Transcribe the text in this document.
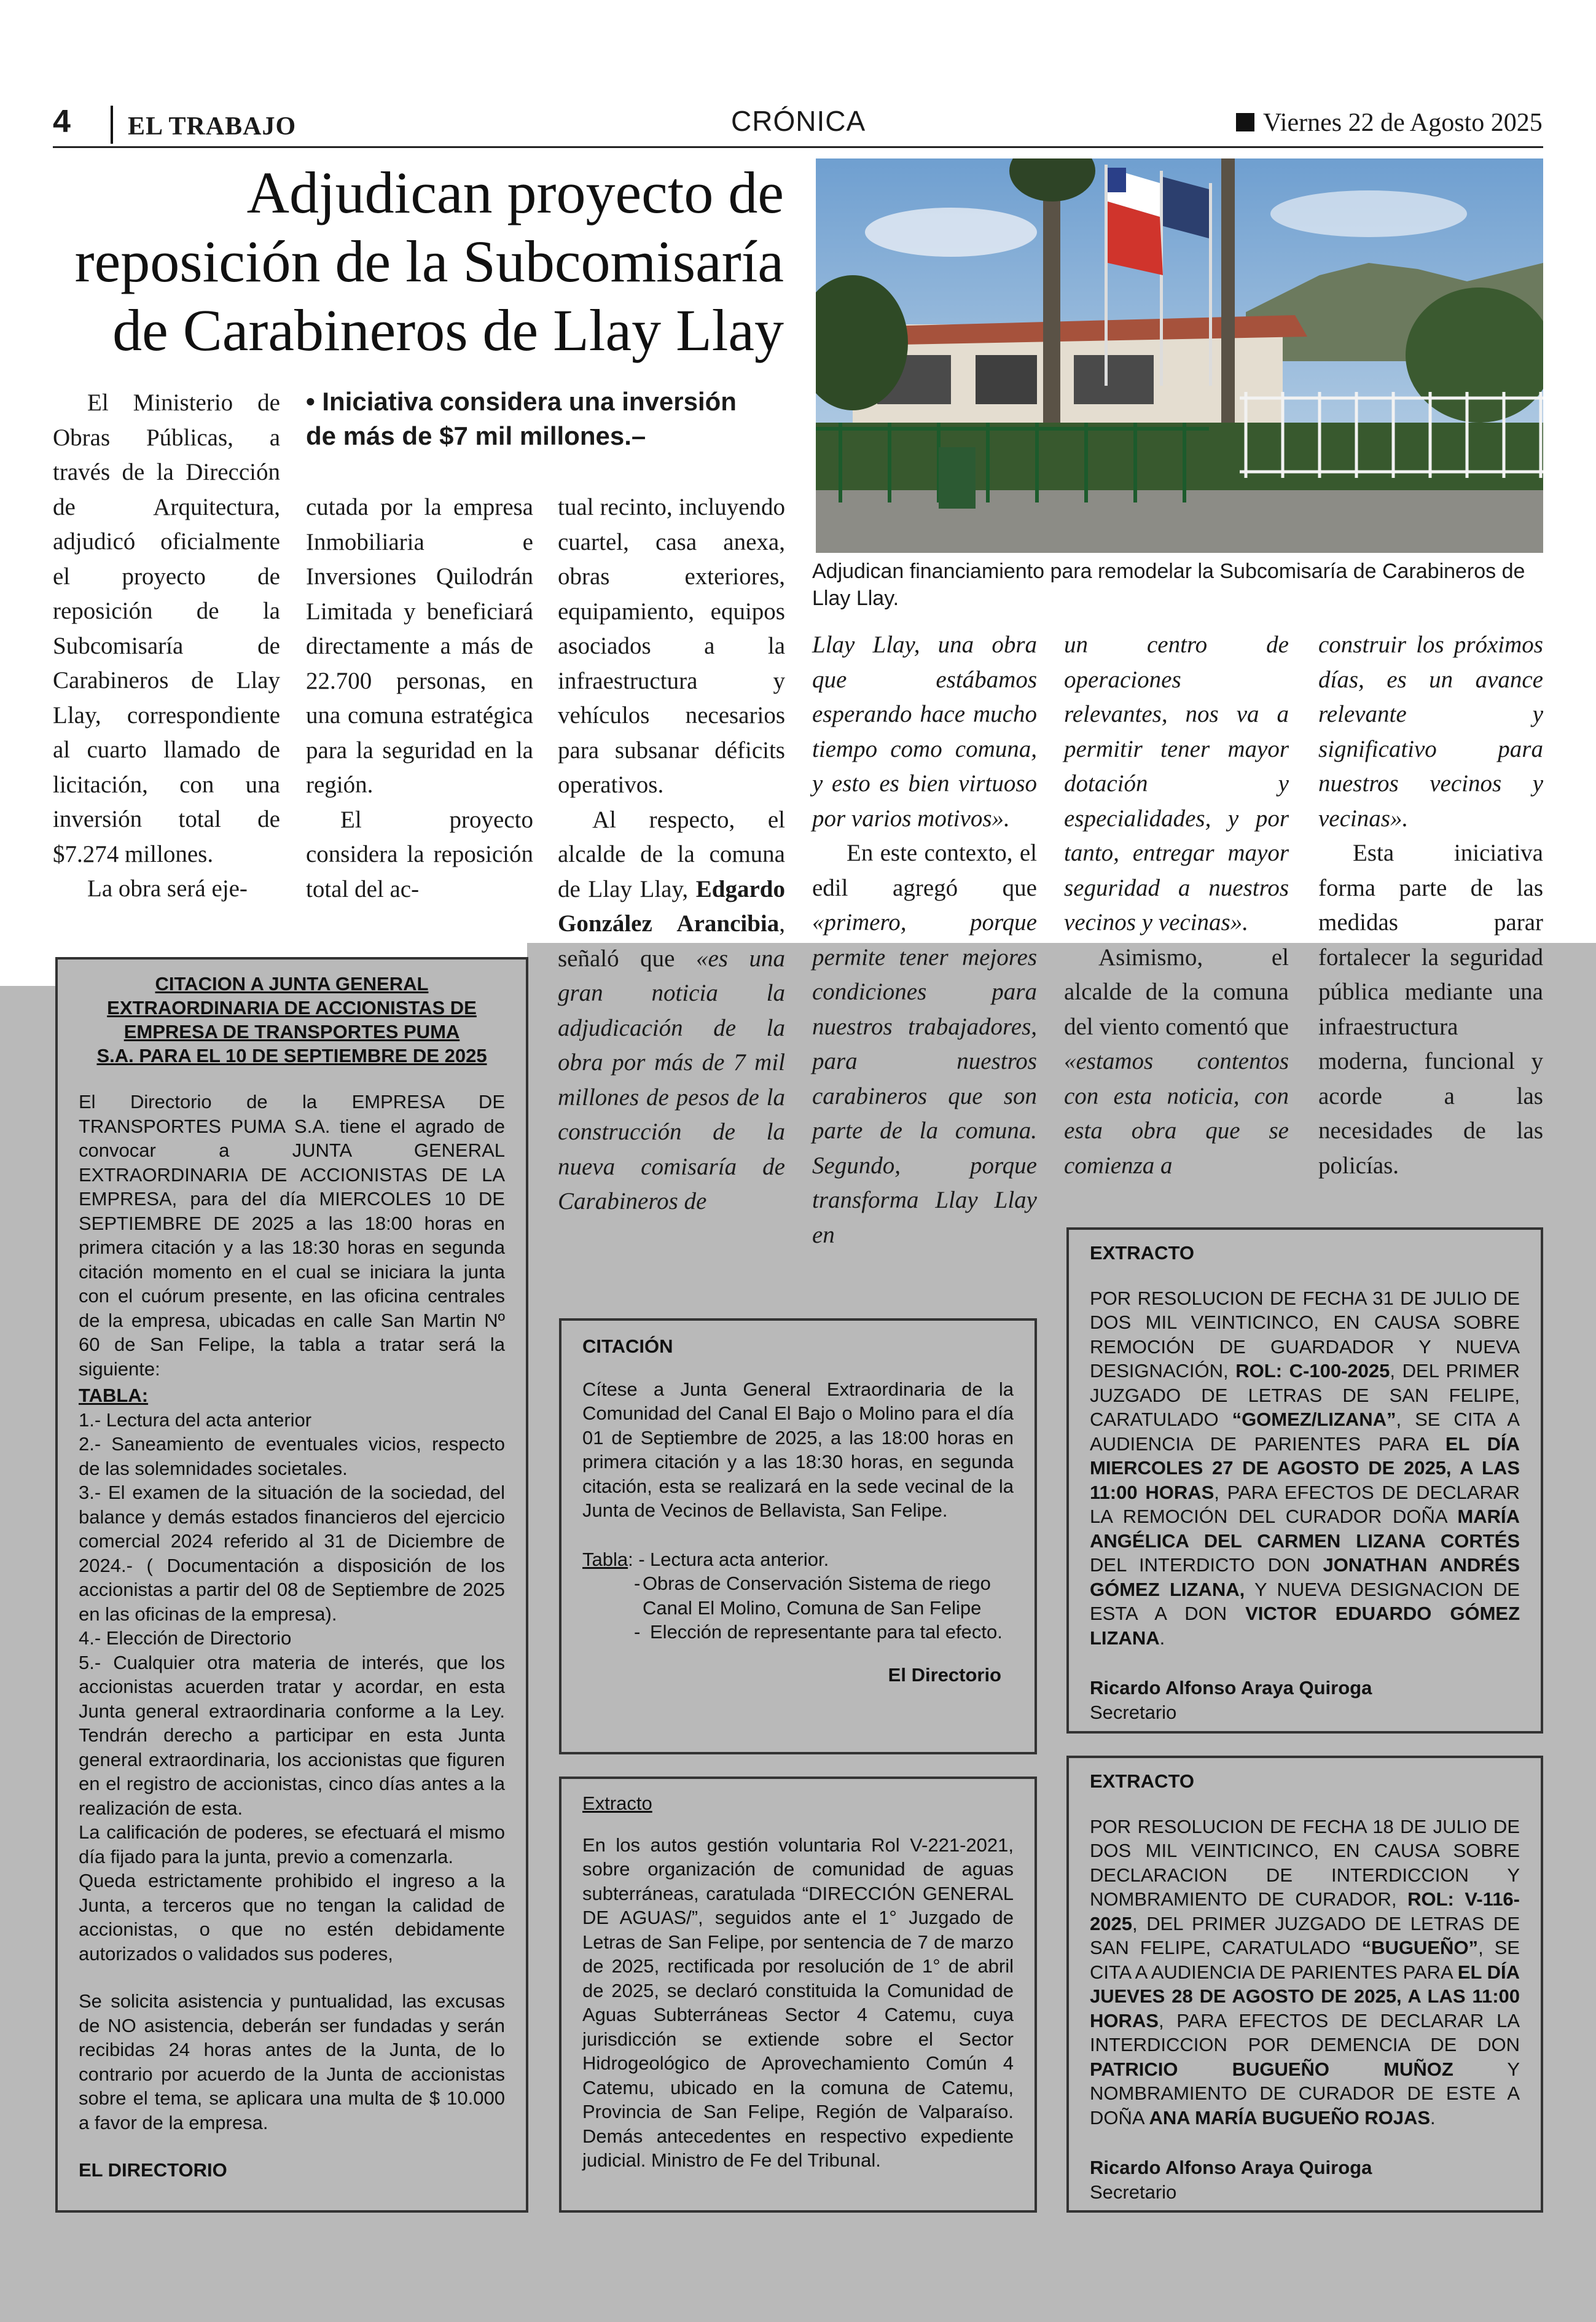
4 EL TRABAJO	CRÓNICA	Viernes 22 de Agosto 2025
Adjudican proyecto de
reposición de la Subcomisaría
de Carabineros de Llay Llay
Adjudican financiamiento para remodelar la Subcomisaría de Carabineros de Llay Llay.
• Iniciativa considera una inversión
de más de $7 mil millones.–

El Ministerio de Obras Públicas, a través de la Dirección de Arquitectura, adjudicó oficialmente el proyecto de reposición de la Subcomisaría de Carabineros de Llay Llay, correspondiente al cuarto llamado de licitación, con una inversión total de $7.274 millones.

La obra será eje-

cutada por la empresa Inmobiliaria e Inversiones Quilodrán Limitada y beneficiará directamente a más de 22.700 personas, en una comuna estratégica para la seguridad en la región.

El proyecto considera la reposición total del ac-

tual recinto, incluyendo cuartel, casa anexa, obras exteriores, equipamiento, equipos asociados a la infraestructura y vehículos necesarios para subsanar déficits operativos.

Al respecto, el alcalde de la comuna de Llay Llay, Edgardo González Arancibia, señaló que «es una gran noticia la adjudicación de la obra por más de 7 mil millones de pesos de la construcción de la nueva comisaría de Carabineros de

Llay Llay, una obra que estábamos esperando hace mucho tiempo como comuna, y esto es bien virtuoso por varios motivos».

En este contexto, el edil agregó que «primero, porque permite tener mejores condiciones para nuestros trabajadores, para nuestros carabineros que son parte de la comuna. Segundo, porque transforma Llay Llay en

un centro de operaciones relevantes, nos va a permitir tener mayor dotación y especialidades, y por tanto, entregar mayor seguridad a nuestros vecinos y vecinas».

Asimismo, el alcalde de la comuna del viento comentó que «estamos contentos con esta noticia, con esta obra que se comienza a

construir los próximos días, es un avance relevante y significativo para nuestros vecinos y vecinas».

Esta iniciativa forma parte de las medidas parar fortalecer la seguridad pública mediante una infraestructura moderna, funcional y acorde a las necesidades de las policías.

CITACION A JUNTA GENERAL
EXTRAORDINARIA DE ACCIONISTAS DE
EMPRESA DE TRANSPORTES PUMA
S.A. PARA EL 10 DE SEPTIEMBRE DE 2025

El Directorio de la EMPRESA DE TRANSPORTES PUMA S.A. tiene el agrado de convocar a JUNTA GENERAL EXTRAORDINARIA DE ACCIONISTAS DE LA EMPRESA, para del día MIERCOLES 10 DE SEPTIEMBRE DE 2025 a las 18:00 horas en primera citación y a las 18:30 horas en segunda citación momento en el cual se iniciara la junta con el cuórum presente, en las oficina centrales de la empresa, ubicadas en calle San Martin Nº 60 de San Felipe, la tabla a tratar será la siguiente:

TABLA:

1.- Lectura del acta anterior

2.- Saneamiento de eventuales vicios, respecto de las solemnidades societales.

3.- El examen de la situación de la sociedad, del balance y demás estados financieros del ejercicio comercial 2024 referido al 31 de Diciembre de 2024.- ( Documentación a disposición de los accionistas a partir del 08 de Septiembre de 2025 en las oficinas de la empresa).

4.- Elección de Directorio

5.- Cualquier otra materia de interés, que los accionistas acuerden tratar y acordar, en esta Junta general extraordinaria conforme a la Ley. Tendrán derecho a participar en esta Junta general extraordinaria, los accionistas que figuren en el registro de accionistas, cinco días antes a la realización de esta.

La calificación de poderes, se efectuará el mismo día fijado para la junta, previo a comenzarla.

Queda estrictamente prohibido el ingreso a la Junta, a terceros que no tengan la calidad de accionistas, o que no estén debidamente autorizados o validados sus poderes,

Se solicita asistencia y puntualidad, las excusas de NO asistencia, deberán ser fundadas y serán recibidas 24 horas antes de la Junta, de lo contrario por acuerdo de la Junta de accionistas sobre el tema, se aplicara una multa de $ 10.000 a favor de la empresa.

EL DIRECTORIO

CITACIÓN

Cítese a Junta General Extraordinaria de la Comunidad del Canal El Bajo o Molino para el día 01 de Septiembre de 2025, a las 18:00 horas en primera citación y a las 18:30 horas, en segunda citación, esta se realizará en la sede vecinal de la Junta de Vecinos de Bellavista, San Felipe.

Tabla: - Lectura acta anterior.
- Obras de Conservación Sistema de riego Canal El Molino, Comuna de San Felipe
- Elección de representante para tal efecto.

El Directorio

Extracto

En los autos gestión voluntaria Rol V-221-2021, sobre organización de comunidad de aguas subterráneas, caratulada “DIRECCIÓN GENERAL DE AGUAS/”, seguidos ante el 1° Juzgado de Letras de San Felipe, por sentencia de 7 de marzo de 2025, rectificada por resolución de 1° de abril de 2025, se declaró constituida la Comunidad de Aguas Subterráneas Sector 4 Catemu, cuya jurisdicción se extiende sobre el Sector Hidrogeológico de Aprovechamiento Común 4 Catemu, ubicado en la comuna de Catemu, Provincia de San Felipe, Región de Valparaíso. Demás antecedentes en respectivo expediente judicial. Ministro de Fe del Tribunal.

EXTRACTO

POR RESOLUCION DE FECHA 31 DE JULIO DE DOS MIL VEINTICINCO, EN CAUSA SOBRE REMOCIÓN DE GUARDADOR Y NUEVA DESIGNACIÓN, ROL: C-100-2025, DEL PRIMER JUZGADO DE LETRAS DE SAN FELIPE, CARATULADO “GOMEZ/LIZANA”, SE CITA A AUDIENCIA DE PARIENTES PARA EL DÍA MIERCOLES 27 DE AGOSTO DE 2025, A LAS 11:00 HORAS, PARA EFECTOS DE DECLARAR LA REMOCIÓN DEL CURADOR DOÑA MARÍA ANGÉLICA DEL CARMEN LIZANA CORTÉS DEL INTERDICTO DON JONATHAN ANDRÉS GÓMEZ LIZANA, Y NUEVA DESIGNACION DE ESTA A DON VICTOR EDUARDO GÓMEZ LIZANA.

Ricardo Alfonso Araya Quiroga

Secretario

EXTRACTO

POR RESOLUCION DE FECHA 18 DE JULIO DE DOS MIL VEINTICINCO, EN CAUSA SOBRE DECLARACION DE INTERDICCION Y NOMBRAMIENTO DE CURADOR, ROL: V-116-2025, DEL PRIMER JUZGADO DE LETRAS DE SAN FELIPE, CARATULADO “BUGUEÑO”, SE CITA A AUDIENCIA DE PARIENTES PARA EL DÍA JUEVES 28 DE AGOSTO DE 2025, A LAS 11:00 HORAS, PARA EFECTOS DE DECLARAR LA INTERDICCION POR DEMENCIA DE DON PATRICIO BUGUEÑO MUÑOZ Y NOMBRAMIENTO DE CURADOR DE ESTE A DOÑA ANA MARÍA BUGUEÑO ROJAS.

Ricardo Alfonso Araya Quiroga

Secretario
